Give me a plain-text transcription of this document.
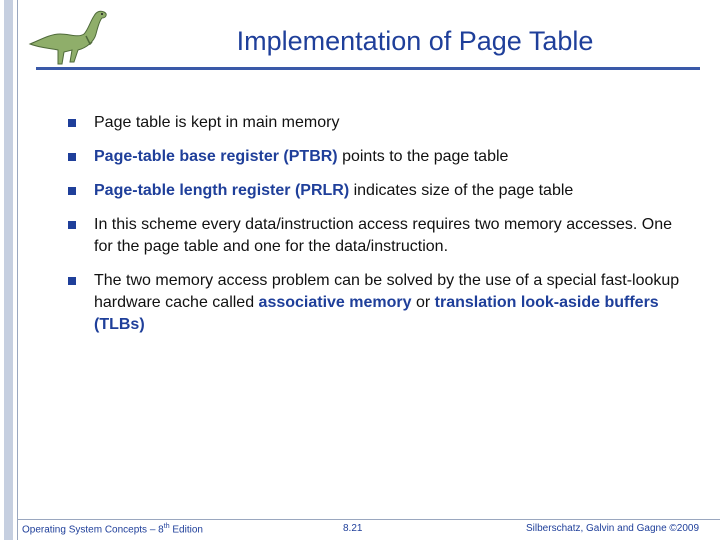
Implementation of Page Table
Page table is kept in main memory
Page-table base register (PTBR) points to the page table
Page-table length register (PRLR) indicates size of the page table
In this scheme every data/instruction access requires two memory accesses. One for the page table and one for the data/instruction.
The two memory access problem can be solved by the use of a special fast-lookup hardware cache called associative memory or translation look-aside buffers (TLBs)
Operating System Concepts – 8th Edition	8.21	Silberschatz, Galvin and Gagne ©2009
